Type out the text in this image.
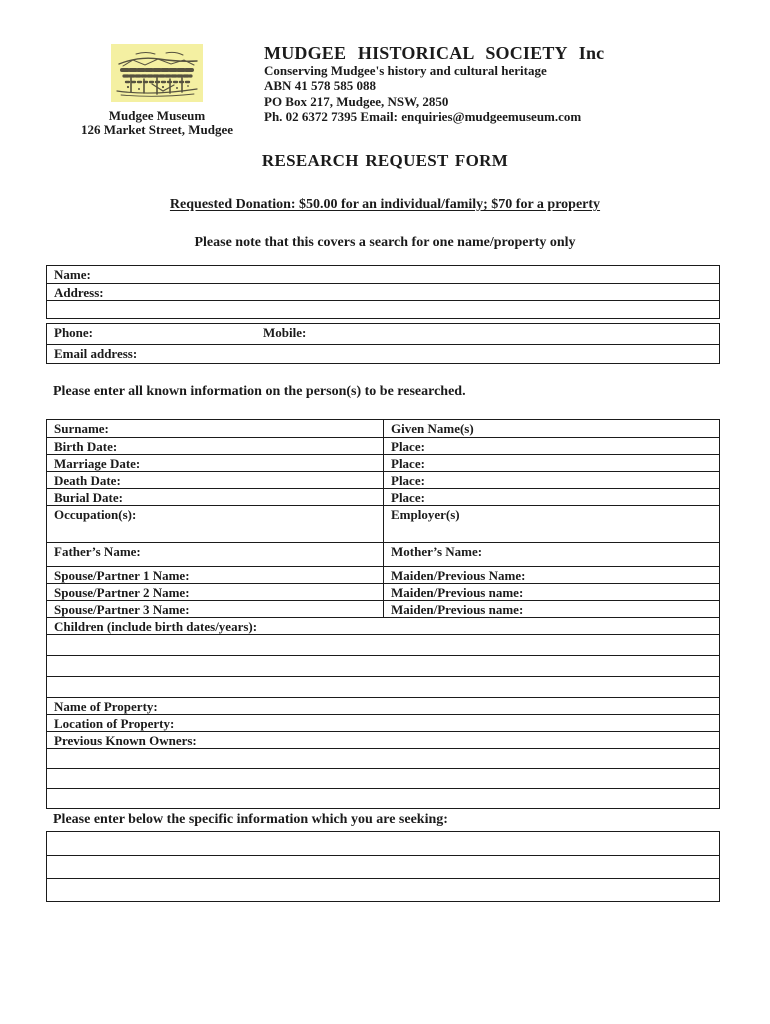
Mudgee Museum
126 Market Street, Mudgee
MUDGEE HISTORICAL SOCIETY Inc
Conserving Mudgee's history and cultural heritage
ABN 41 578 585 088
PO Box 217, Mudgee, NSW, 2850
Ph. 02 6372 7395 Email: enquiries@mudgeemuseum.com
RESEARCH REQUEST FORM
Requested Donation: $50.00 for an individual/family; $70 for a property
Please note that this covers a search for one name/property only
Name:
Address:
Phone:	Mobile:
Email address:
Please enter all known information on the person(s) to be researched.
Surname:	Given Name(s)
Birth Date:	Place:
Marriage Date:	Place:
Death Date:	Place:
Burial Date:	Place:
Occupation(s):	Employer(s)
Father’s Name:	Mother’s Name:
Spouse/Partner 1 Name:	Maiden/Previous Name:
Spouse/Partner 2 Name:	Maiden/Previous name:
Spouse/Partner 3 Name:	Maiden/Previous name:
Children (include birth dates/years):
Name of Property:
Location of Property:
Previous Known Owners:
Please enter below the specific information which you are seeking:
